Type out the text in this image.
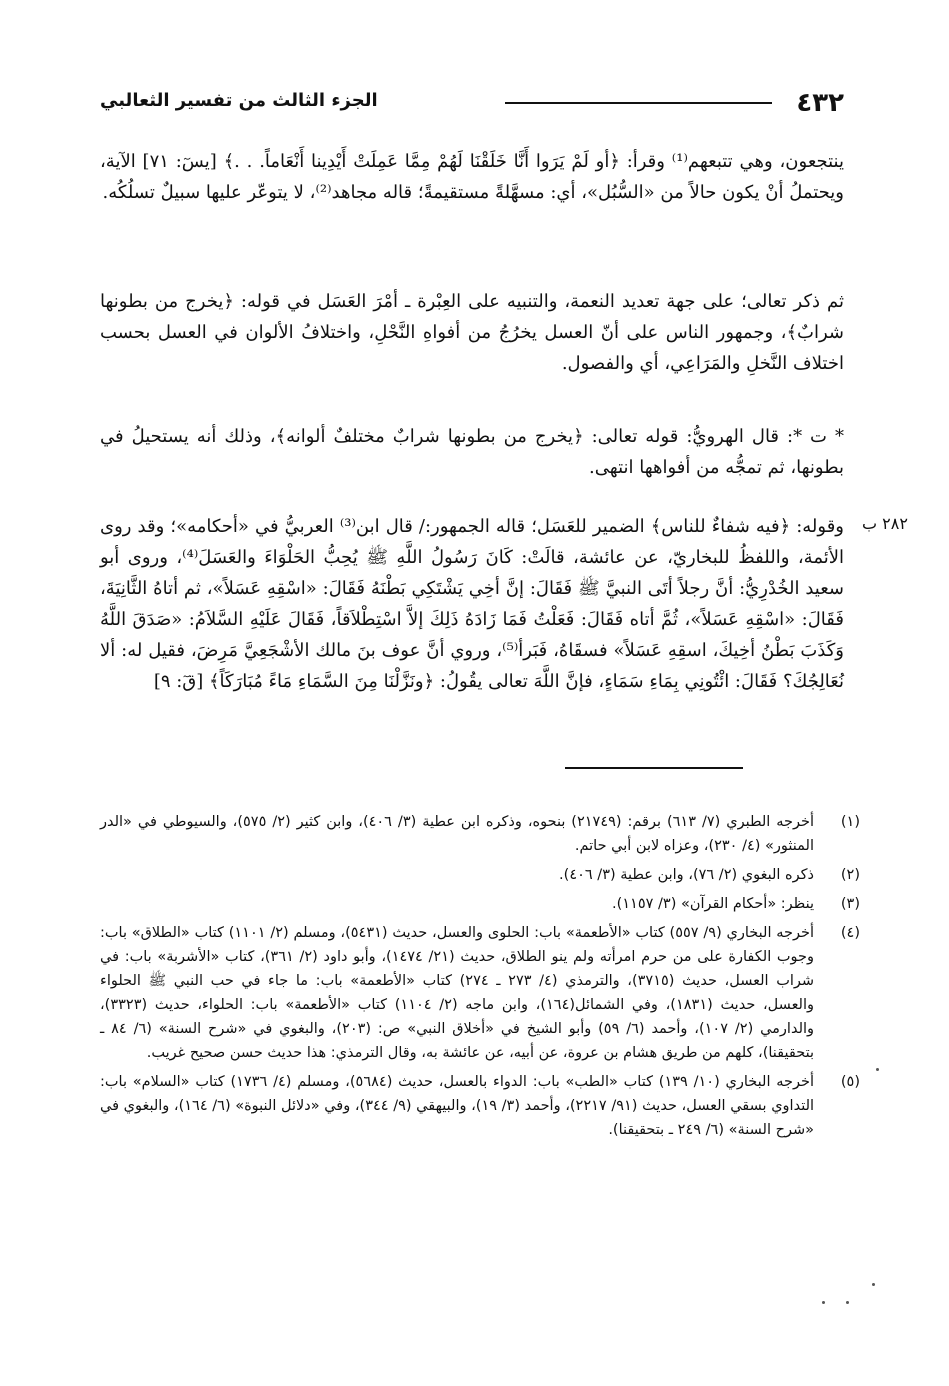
٤٣٢
الجزء الثالث من تفسير الثعالبي

ينتجعون، وهي تتبعهم⁽¹⁾ وقرأ: ﴿أو لَمْ يَرَوا أَنَّا خَلَقْنَا لَهُمْ مِمَّا عَمِلَتْ أَيْدِينا أَنْعَاماً. . .﴾ [يسٓ: ٧١] الآية، ويحتملُ أنْ يكون حالاً من «السُّبُل»، أي: مسهَّلةً مستقيمةً؛ قاله مجاهد⁽²⁾، لا يتوعّر عليها سبيلٌ تسلُكُه.

ثم ذكر تعالى؛ على جهة تعديد النعمة، والتنبيه على العِبْرة ـ أمْرَ العَسَل في قوله: ﴿يخرج من بطونها شرابٌ﴾، وجمهور الناس على أنّ العسل يخرُجُ من أفواهِ النَّحْلِ، واختلافُ الألوان في العسل بحسب اختلاف النَّخلِ والمَرَاعِي، أي والفصول.

* ت *: قال الهرويُّ: قوله تعالى: ﴿يخرج من بطونها شرابٌ مختلفٌ ألوانه﴾، وذلك أنه يستحيلُ في بطونها، ثم تمجُّه من أفواهها انتهى.

وقوله: ﴿فيه شفاءٌ للناس﴾ الضمير للعَسَل؛ قاله الجمهور:/ قال ابن⁽³⁾ العربيُّ في «أحكامه»؛ وقد روى الأئمة، واللفظُ للبخاريّ، عن عائشة، قالَتْ: كَانَ رَسُولُ اللَّهِ ﷺ يُحِبُّ الحَلْوَاءَ والعَسَلَ⁽⁴⁾، وروى أبو سعيد الخُدْرِيُّ: أنَّ رجلاً أتَى النبيَّ ﷺ فَقَالَ: إنَّ أخِي يَشْتَكِي بَطْنَهُ فَقَالَ: «اسْقِهِ عَسَلاً»، ثم أتاهُ الثَّانِيَةَ، فَقَالَ: «اسْقِهِ عَسَلاً»، ثُمَّ أتاه فَقَالَ: فَعَلْتُ فَمَا زَادَهُ ذَلِكَ إلاَّ اسْتِطْلاَقاً، فَقَالَ عَلَيْهِ السَّلاَمُ: «صَدَقَ اللَّهُ وَكَذَبَ بَطْنُ أخِيكَ، اسقِهِ عَسَلاً» فسقَاهُ، فَبَرأ⁽⁵⁾، وروي أنَّ عوف بنَ مالك الأشْجَعِيَّ مَرِضَ، فقيل له: ألا نُعَالِجُكَ؟ فَقَالَ: ائْتُونِي بِمَاءِ سَمَاءٍ، فإنَّ اللَّهَ تعالى يقُولُ: ﴿ونَزَّلْنَا مِنَ السَّمَاءِ مَاءً مُبَارَكَاً﴾ [قٓ: ٩]

٢٨٢ ب
(١)
أخرجه الطبري (٧/ ٦١٣) برقم: (٢١٧٤٩) بنحوه، وذكره ابن عطية (٣/ ٤٠٦)، وابن كثير (٢/ ٥٧٥)، والسيوطي في «الدر المنثور» (٤/ ٢٣٠)، وعزاه لابن أبي حاتم.
(٢)
ذكره البغوي (٢/ ٧٦)، وابن عطية (٣/ ٤٠٦).
(٣)
ينظر: «أحكام القرآن» (٣/ ١١٥٧).
(٤)
أخرجه البخاري (٩/ ٥٥٧) كتاب «الأطعمة» باب: الحلوى والعسل، حديث (٥٤٣١)، ومسلم (٢/ ١١٠١) كتاب «الطلاق» باب: وجوب الكفارة على من حرم امرأته ولم ينو الطلاق، حديث (٢١/ ١٤٧٤)، وأبو داود (٢/ ٣٦١)، كتاب «الأشربة» باب: في شراب العسل، حديث (٣٧١٥)، والترمذي (٤/ ٢٧٣ ـ ٢٧٤) كتاب «الأطعمة» باب: ما جاء في حب النبي ﷺ الحلواء والعسل، حديث (١٨٣١)، وفي الشمائل(١٦٤)، وابن ماجه (٢/ ١١٠٤) كتاب «الأطعمة» باب: الحلواء، حديث (٣٣٢٣)، والدارمي (٢/ ١٠٧)، وأحمد (٦/ ٥٩) وأبو الشيخ في «أخلاق النبي» ص: (٢٠٣)، والبغوي في «شرح السنة» (٦/ ٨٤ ـ بتحقيقنا)، كلهم من طريق هشام بن عروة، عن أبيه، عن عائشة به، وقال الترمذي: هذا حديث حسن صحيح غريب.
(٥)
أخرجه البخاري (١٠/ ١٣٩) كتاب «الطب» باب: الدواء بالعسل، حديث (٥٦٨٤)، ومسلم (٤/ ١٧٣٦) كتاب «السلام» باب: التداوي بسقي العسل، حديث (٩١/ ٢٢١٧)، وأحمد (٣/ ١٩)، والبيهقي (٩/ ٣٤٤)، وفي «دلائل النبوة» (٦/ ١٦٤)، والبغوي في «شرح السنة» (٦/ ٢٤٩ ـ بتحقيقنا).
